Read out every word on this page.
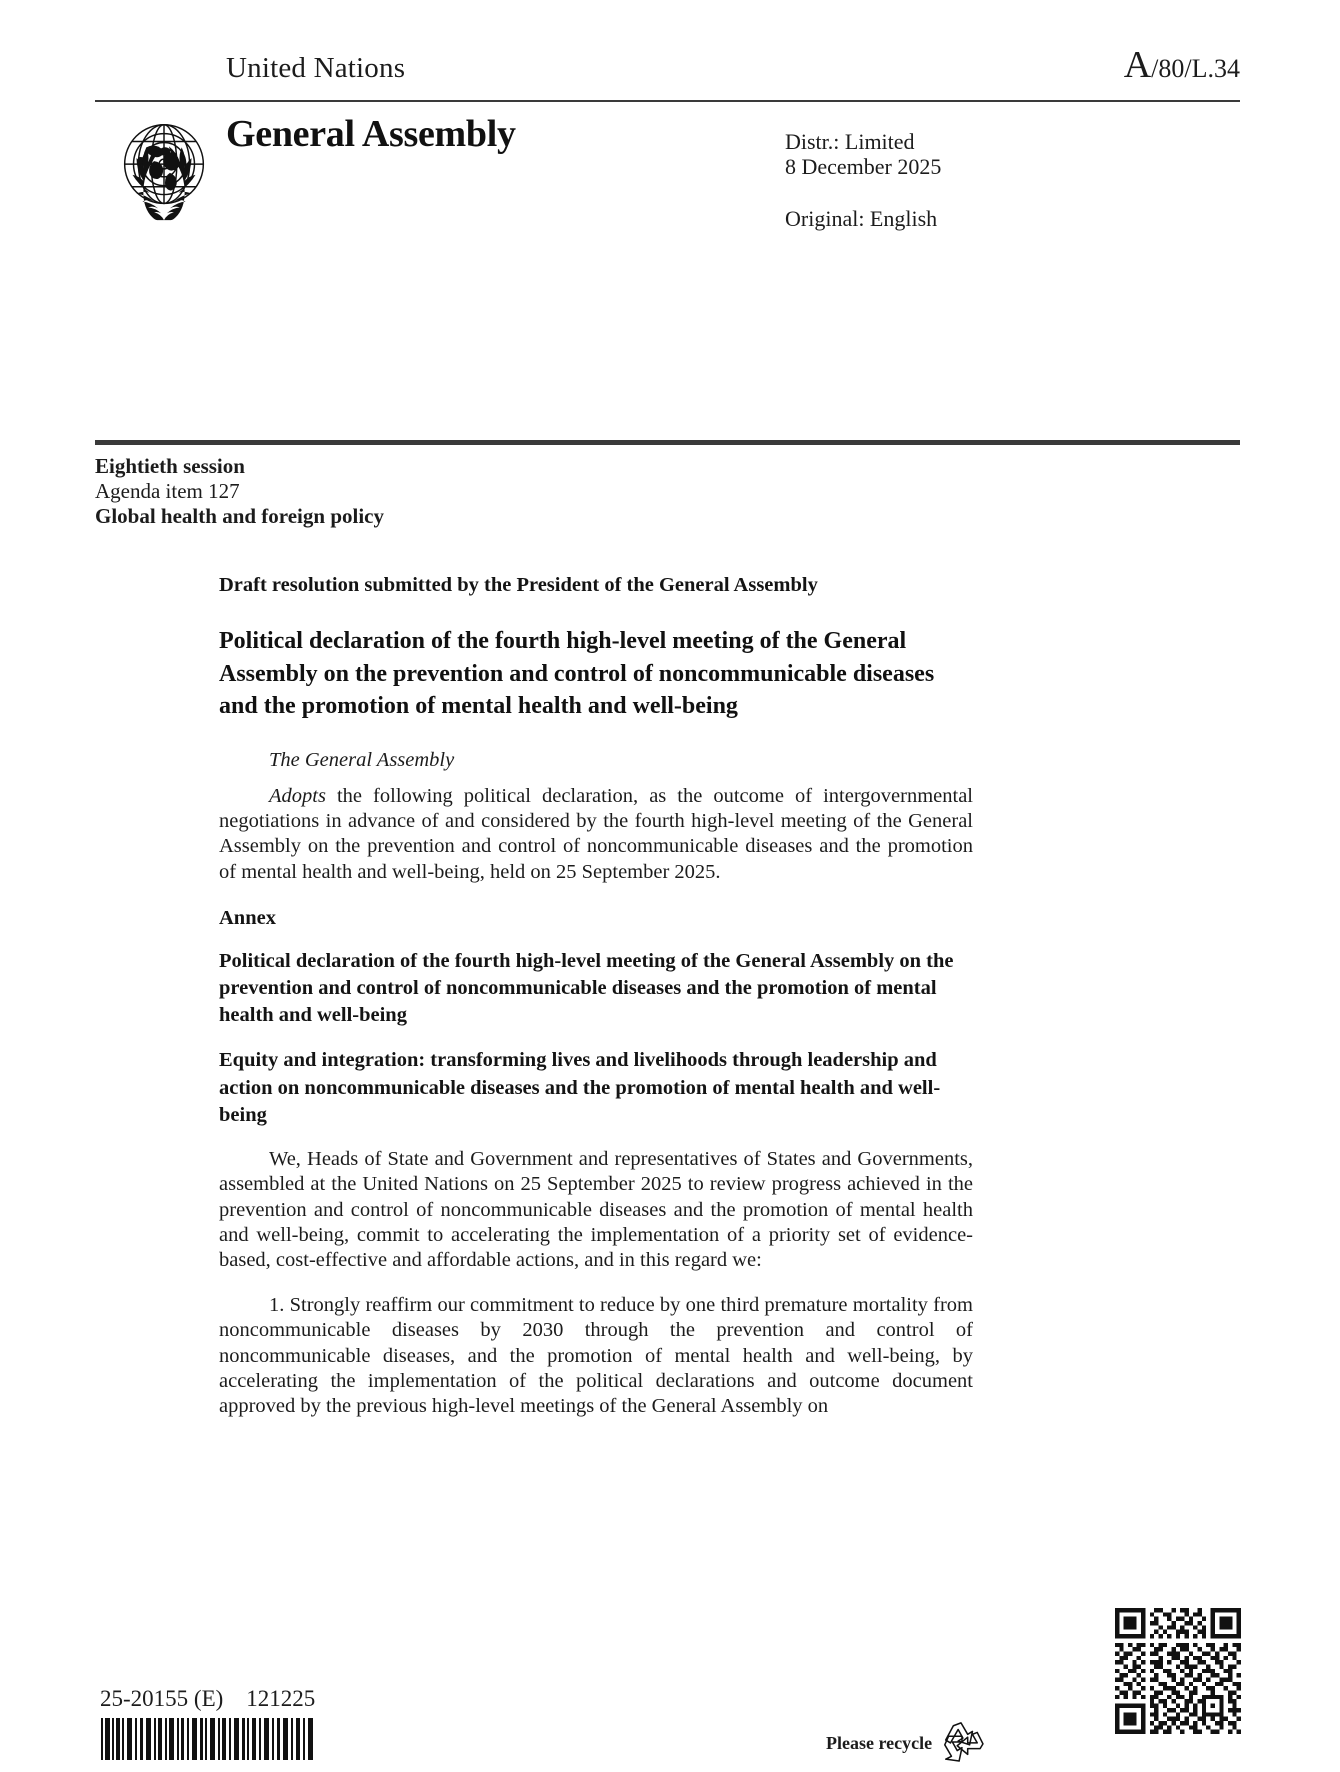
United Nations	A/80/L.34
General Assembly	Distr.: Limited
8 December 2025
Original: English
Eightieth session
Agenda item 127
Global health and foreign policy
Draft resolution submitted by the President of the General Assembly
Political declaration of the fourth high-level meeting of the General Assembly on the prevention and control of noncommunicable diseases and the promotion of mental health and well-being
The General Assembly

Adopts the following political declaration, as the outcome of intergovernmental negotiations in advance of and considered by the fourth high-level meeting of the General Assembly on the prevention and control of noncommunicable diseases and the promotion of mental health and well-being, held on 25 September 2025.

Annex
Political declaration of the fourth high-level meeting of the General Assembly on the prevention and control of noncommunicable diseases and the promotion of mental health and well-being
Equity and integration: transforming lives and livelihoods through leadership and action on noncommunicable diseases and the promotion of mental health and well-being

We, Heads of State and Government and representatives of States and Governments, assembled at the United Nations on 25 September 2025 to review progress achieved in the prevention and control of noncommunicable diseases and the promotion of mental health and well-being, commit to accelerating the implementation of a priority set of evidence-based, cost-effective and affordable actions, and in this regard we:

1. Strongly reaffirm our commitment to reduce by one third premature mortality from noncommunicable diseases by 2030 through the prevention and control of noncommunicable diseases, and the promotion of mental health and well-being, by accelerating the implementation of the political declarations and outcome document approved by the previous high-level meetings of the General Assembly on

25-20155 (E)    121225
Please recycle
